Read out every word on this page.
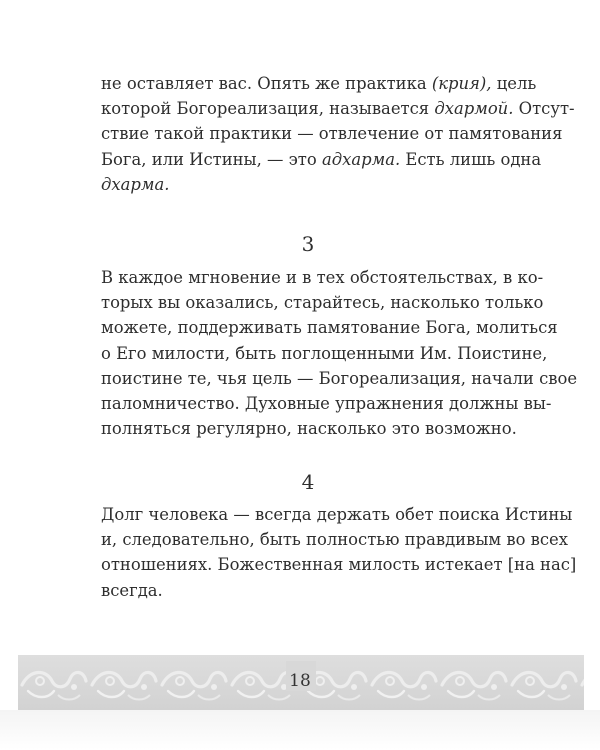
не оставляет вас. Опять же практика (крия), цель
которой Богореализация, называется дхармой. Отсут-
ствие такой практики — отвлечение от памятования
Бога, или Истины, — это адхарма. Есть лишь одна
дхарма.
3
В каждое мгновение и в тех обстоятельствах, в ко-
торых вы оказались, старайтесь, насколько только
можете, поддерживать памятование Бога, молиться
о Его милости, быть поглощенными Им. Поистине,
поистине те, чья цель — Богореализация, начали свое
паломничество. Духовные упражнения должны вы-
полняться регулярно, насколько это возможно.
4
Долг человека — всегда держать обет поиска Истины
и, следовательно, быть полностью правдивым во всех
отношениях. Божественная милость истекает [на нас]
всегда.
18
